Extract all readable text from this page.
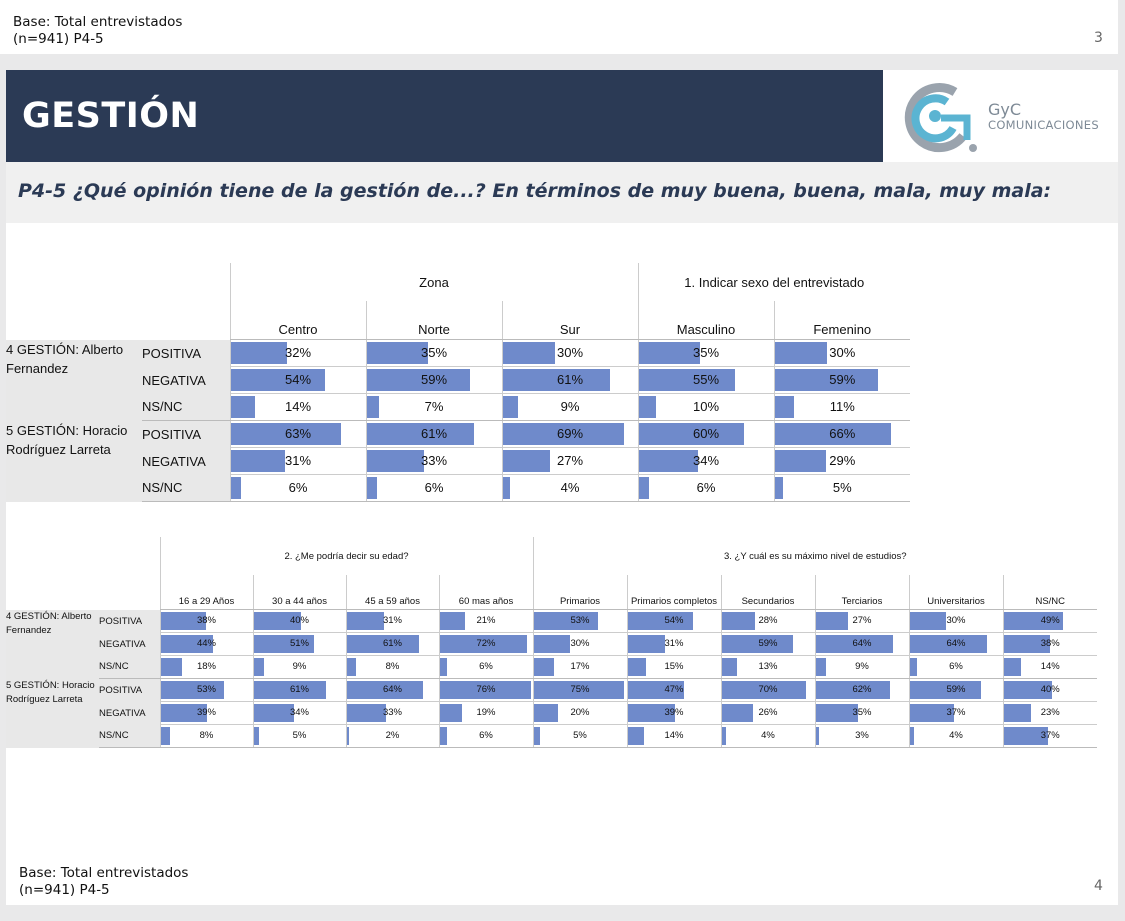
Base: Total entrevistados
(n=941) P4-5	3
GESTIÓN	GyC
COMUNICACIONES

P4-5 ¿Qué opinión tiene de la gestión de...? En términos de muy buena, buena, mala, muy mala:

		Zona			1. Indicar sexo del entrevistado	
		Centro	Norte	Sur	Masculino	Femenino
4 GESTIÓN: Alberto Fernandez	POSITIVA	32%	35%	30%	35%	30%

	NEGATIVA	54%	59%	61%	55%	59%

	NS/NC	14%	7%	9%	10%	11%

5 GESTIÓN: Horacio Rodríguez Larreta	POSITIVA	63%	61%	69%	60%	66%

	NEGATIVA	31%	33%	27%	34%	29%

	NS/NC	6%	6%	4%	6%	5%
		2. ¿Me podría decir su edad?				3. ¿Y cuál es su máximo nivel de estudios?					
		16 a 29 Años	30 a 44 años	45 a 59 años	60 mas años	Primarios	Primarios completos	Secundarios	Terciarios	Universitarios	NS/NC
4 GESTIÓN: Alberto Fernandez	POSITIVA	38%	40%	31%	21%	53%	54%	28%	27%	30%	49%

	NEGATIVA	44%	51%	61%	72%	30%	31%	59%	64%	64%	38%

	NS/NC	18%	9%	8%	6%	17%	15%	13%	9%	6%	14%

5 GESTIÓN: Horacio Rodríguez Larreta	POSITIVA	53%	61%	64%	76%	75%	47%	70%	62%	59%	40%

	NEGATIVA	39%	34%	33%	19%	20%	39%	26%	35%	37%	23%

	NS/NC	8%	5%	2%	6%	5%	14%	4%	3%	4%	37%
Base: Total entrevistados
(n=941) P4-5	4
